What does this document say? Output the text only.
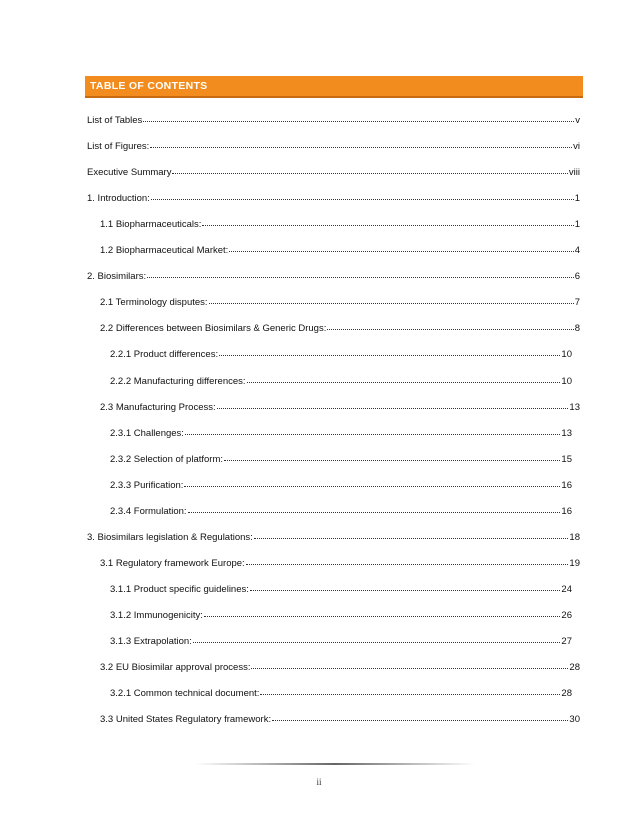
TABLE OF CONTENTS
List of Tables	v
List of Figures:	vi
Executive Summary	viii
1. Introduction:	1
1.1 Biopharmaceuticals:	1
1.2 Biopharmaceutical Market:	4
2. Biosimilars:	6
2.1 Terminology disputes:	7
2.2 Differences between Biosimilars & Generic Drugs:	8
2.2.1 Product differences:	10
2.2.2 Manufacturing differences:	10
2.3 Manufacturing Process:	13
2.3.1 Challenges:	13
2.3.2 Selection of platform:	15
2.3.3 Purification:	16
2.3.4 Formulation:	16
3. Biosimilars legislation & Regulations:	18
3.1 Regulatory framework Europe:	19
3.1.1 Product specific guidelines:	24
3.1.2 Immunogenicity:	26
3.1.3 Extrapolation:	27
3.2 EU Biosimilar approval process:	28
3.2.1 Common technical document:	28
3.3 United States Regulatory framework:	30
ii
